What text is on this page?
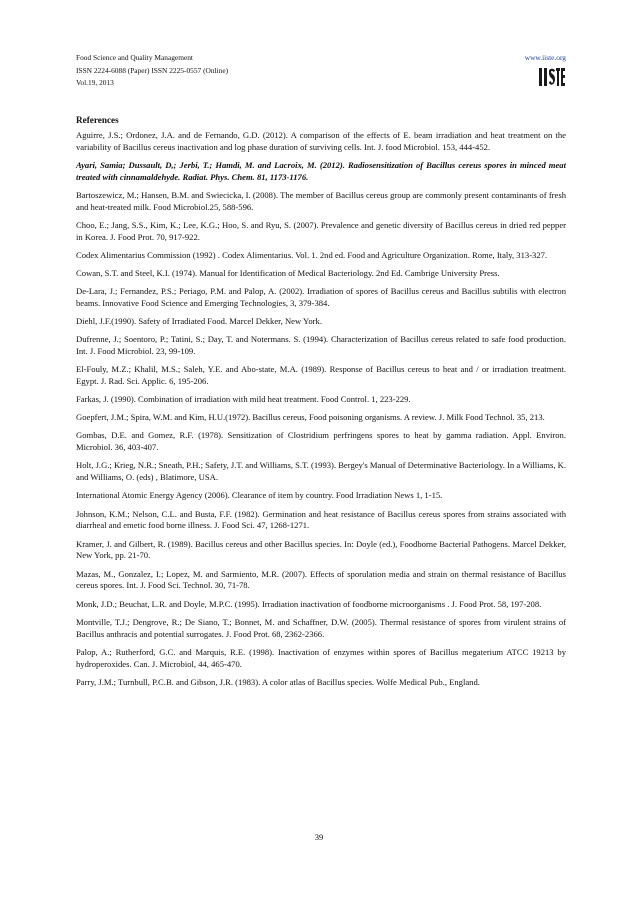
Food Science and Quality Management
ISSN 2224-6088 (Paper) ISSN 2225-0557 (Online)
Vol.19, 2013
www.iiste.org
References

Aguirre, J.S.; Ordonez, J.A. and de Fernando, G.D. (2012). A comparison of the effects of E. beam irradiation and heat treatment on the variability of Bacillus cereus inactivation and log phase duration of surviving cells. Int. J. food Microbiol. 153, 444-452.

Ayari, Samia; Dussault, D,; Jerbi, T.; Hamdi, M. and Lacroix, M. (2012). Radiosensitization of Bacillus cereus spores in minced meat treated with cinnamaldehyde. Radiat. Phys. Chem. 81, 1173-1176.

Bartoszewicz, M.; Hansen, B.M. and Swiecicka, I. (2008). The member of Bacillus cereus group are commonly present contaminants of fresh and heat-treated milk. Food Microbiol.25, 588-596.

Choo, E.; Jang, S.S., Kim, K.; Lee, K.G.; Hoo, S. and Ryu, S. (2007). Prevalence and genetic diversity of Bacillus cereus in dried red pepper in Korea. J. Food Prot. 70, 917-922.

Codex Alimentarius Commission (1992) . Codex Alimentarius. Vol. 1. 2nd ed. Food and Agriculture Organization. Rome, Italy, 313-327.

Cowan, S.T. and Steel, K.I. (1974). Manual for Identification of Medical Bacteriology. 2nd Ed. Cambrige University Press.

De-Lara, J.; Fernandez, P.S.; Periago, P.M. and Palop, A. (2002). Irradiation of spores of Bacillus cereus and Bacillus subtilis with electron beams. Innovative Food Science and Emerging Technologies, 3, 379-384.

Diehl, J.F.(1990). Safety of Irradiated Food. Marcel Dekker, New York.

Dufrenne, J.; Soentoro, P.; Tatini, S.; Day, T. and Notermans. S. (1994). Characterization of Bacillus cereus related to safe food production. Int. J. Food Microbiol. 23, 99-109.

El-Fouly, M.Z.; Khalil, M.S.; Saleh, Y.E. and Abo-state, M.A. (1989). Response of Bacillus cereus to heat and / or irradiation treatment. Egypt. J. Rad. Sci. Applic. 6, 195-206.

Farkas, J. (1990). Combination of irradiation with mild heat treatment. Food Control. 1, 223-229.

Goepfert, J.M.; Spira, W.M. and Kim, H.U.(1972). Bacillus cereus, Food poisoning organisms. A review. J. Milk Food Technol. 35, 213.

Gombas, D.E. and Gomez, R.F. (1978). Sensitization of Clostridium perfringens spores to heat by gamma radiation. Appl. Environ. Microbiol. 36, 403-407.

Holt, J.G.; Krieg, N.R.; Sneath, P.H.; Safety, J.T. and Williams, S.T. (1993). Bergey's Manual of Determinative Bacteriology. In a Williams, K. and Williams, O. (eds) , Blatimore, USA.

International Atomic Energy Agency (2006). Clearance of item by country. Food Irradiation News 1, 1-15.

Johnson, K.M.; Nelson, C.L. and Busta, F.F. (1982). Germination and heat resistance of Bacillus cereus spores from strains associated with diarrheal and emetic food borne illness. J. Food Sci. 47, 1268-1271.

Kramer, J. and Gilbert, R. (1989). Bacillus cereus and other Bacillus species. In: Doyle (ed.), Foodborne Bacterial Pathogens. Marcel Dekker, New York, pp. 21-70.

Mazas, M., Gonzalez, I.; Lopez, M. and Sarmiento, M.R. (2007). Effects of sporulation media and strain on thermal resistance of Bacillus cereus spores. Int. J. Food Sci. Technol. 30, 71-78.

Monk, J.D.; Beuchat, L.R. and Doyle, M.P.C. (1995). Irradiation inactivation of foodborne microorganisms . J. Food Prot. 58, 197-208.

Montville, T.J.; Dengrove, R.; De Siano, T.; Bonnet, M. and Schaffner, D.W. (2005). Thermal resistance of spores from virulent strains of Bacillus anthracis and potential surrogates. J. Food Prot. 68, 2362-2366.

Palop, A.; Rutherford, G.C. and Marquis, R.E. (1998). Inactivation of enzymes within spores of Bacillus megaterium ATCC 19213 by hydroperoxides. Can. J. Microbiol, 44, 465-470.

Parry, J.M.; Turnbull, P.C.B. and Gibson, J.R. (1983). A color atlas of Bacillus species. Wolfe Medical Pub., England.

39
